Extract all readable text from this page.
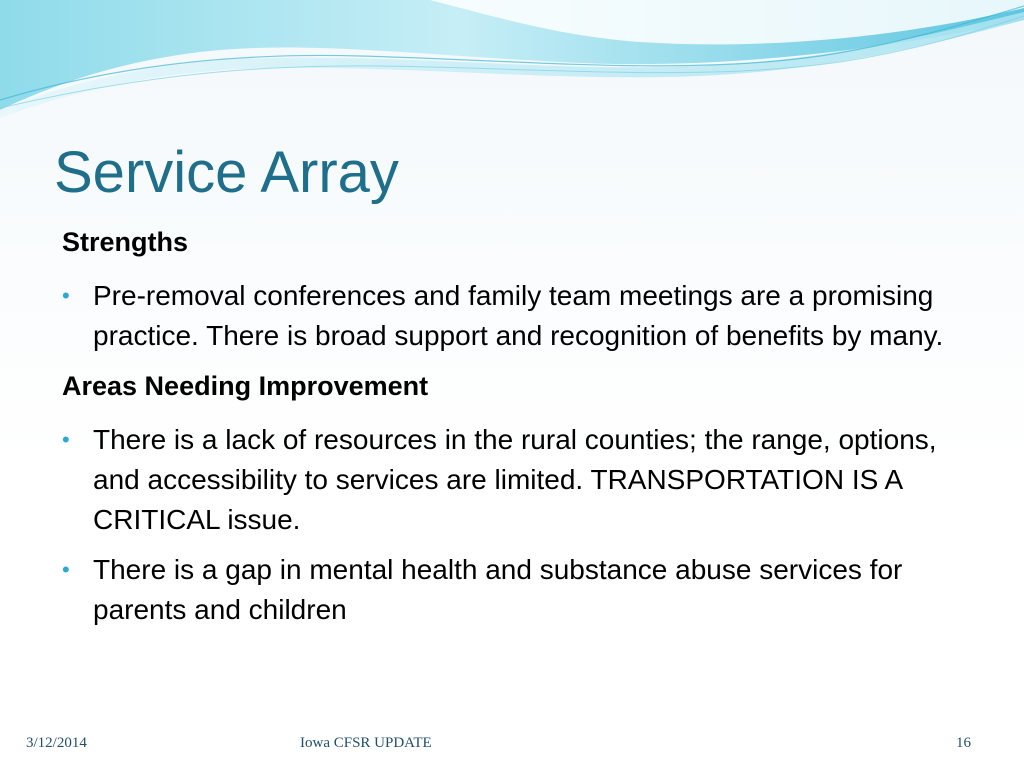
Service Array
Strengths
• Pre-removal conferences and family team meetings are a promising practice. There is broad support and recognition of benefits by many.
Areas Needing Improvement
• There is a lack of resources in the rural counties; the range, options, and accessibility to services are limited. TRANSPORTATION IS A CRITICAL issue.
• There is a gap in mental health and substance abuse services for parents and children
3/12/2014	Iowa CFSR UPDATE	16
